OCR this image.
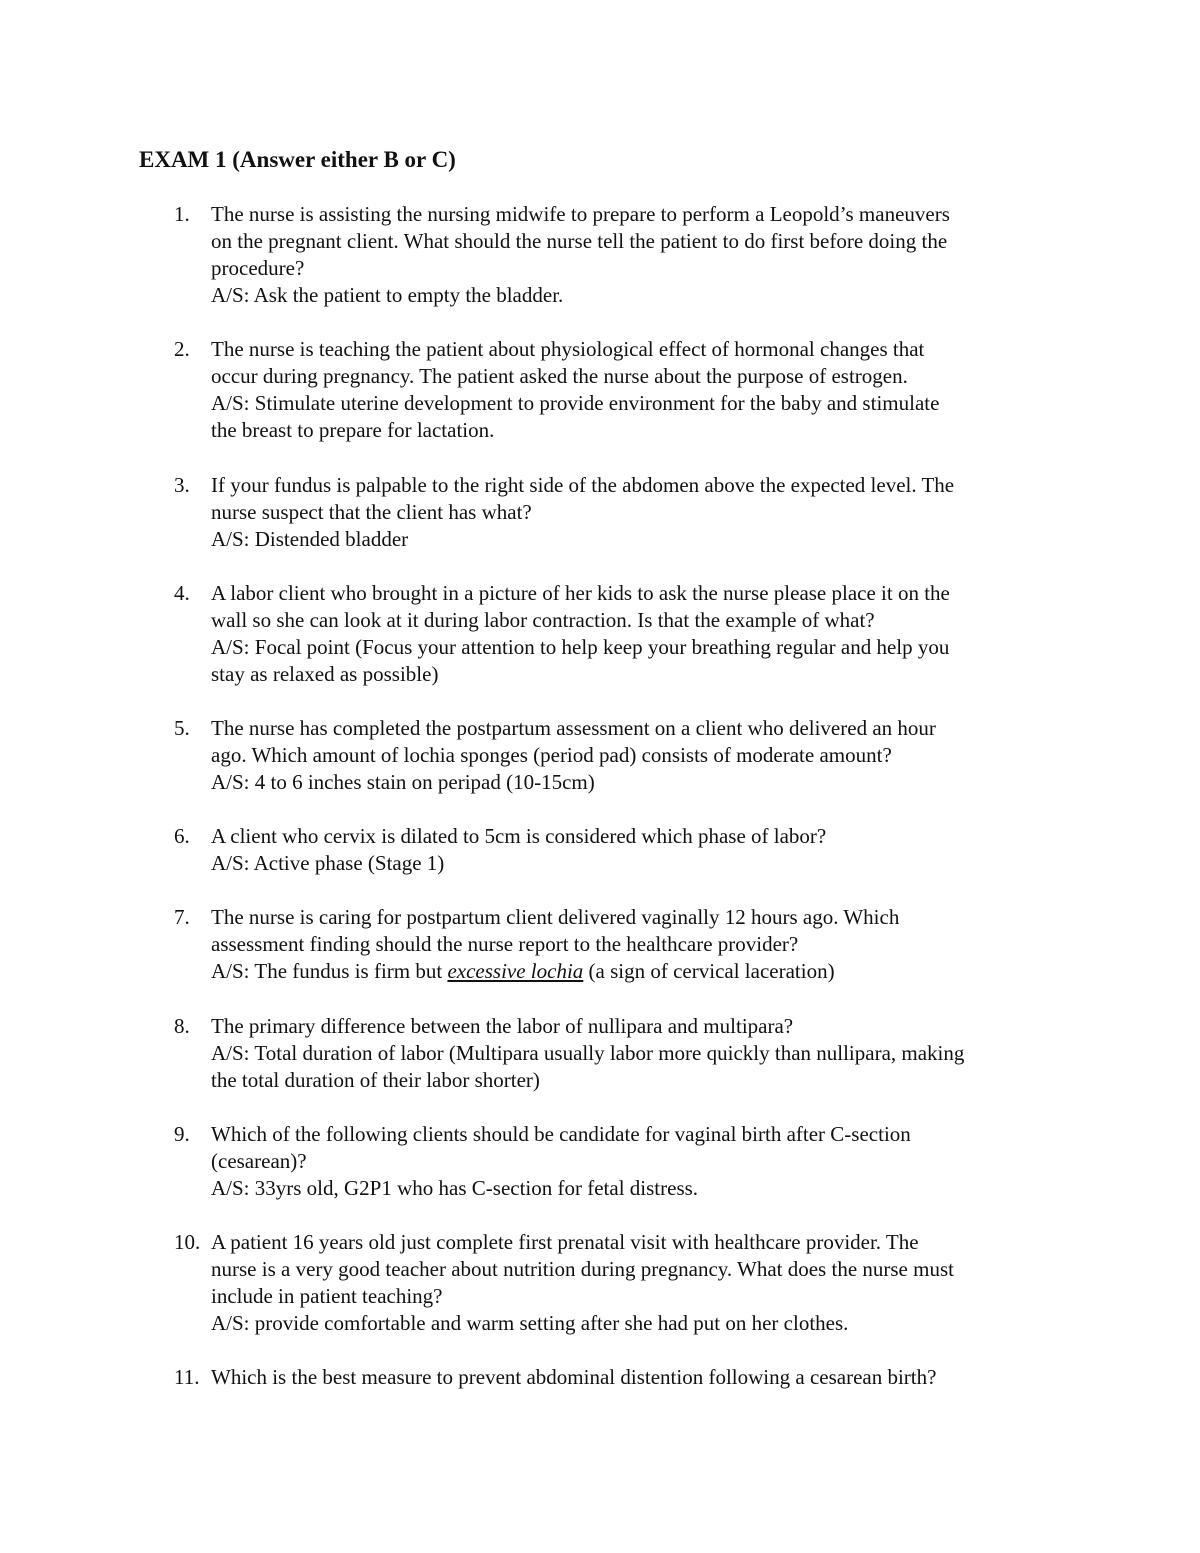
EXAM 1 (Answer either B or C)
1.	The nurse is assisting the nursing midwife to prepare to perform a Leopold’s maneuvers
on the pregnant client. What should the nurse tell the patient to do first before doing the
procedure?
A/S: Ask the patient to empty the bladder.
2.	The nurse is teaching the patient about physiological effect of hormonal changes that
occur during pregnancy. The patient asked the nurse about the purpose of estrogen.
A/S: Stimulate uterine development to provide environment for the baby and stimulate
the breast to prepare for lactation.
3.	If your fundus is palpable to the right side of the abdomen above the expected level. The
nurse suspect that the client has what?
A/S: Distended bladder
4.	A labor client who brought in a picture of her kids to ask the nurse please place it on the
wall so she can look at it during labor contraction. Is that the example of what?
A/S: Focal point (Focus your attention to help keep your breathing regular and help you
stay as relaxed as possible)
5.	The nurse has completed the postpartum assessment on a client who delivered an hour
ago. Which amount of lochia sponges (period pad) consists of moderate amount?
A/S: 4 to 6 inches stain on peripad (10-15cm)
6.	A client who cervix is dilated to 5cm is considered which phase of labor?
A/S: Active phase (Stage 1)
7.	The nurse is caring for postpartum client delivered vaginally 12 hours ago. Which
assessment finding should the nurse report to the healthcare provider?
A/S: The fundus is firm but excessive lochia (a sign of cervical laceration)
8.	The primary difference between the labor of nullipara and multipara?
A/S: Total duration of labor (Multipara usually labor more quickly than nullipara, making
the total duration of their labor shorter)
9.	Which of the following clients should be candidate for vaginal birth after C-section
(cesarean)?
A/S: 33yrs old, G2P1 who has C-section for fetal distress.
10. A patient 16 years old just complete first prenatal visit with healthcare provider. The
nurse is a very good teacher about nutrition during pregnancy. What does the nurse must
include in patient teaching?
A/S: provide comfortable and warm setting after she had put on her clothes.
11. Which is the best measure to prevent abdominal distention following a cesarean birth?
